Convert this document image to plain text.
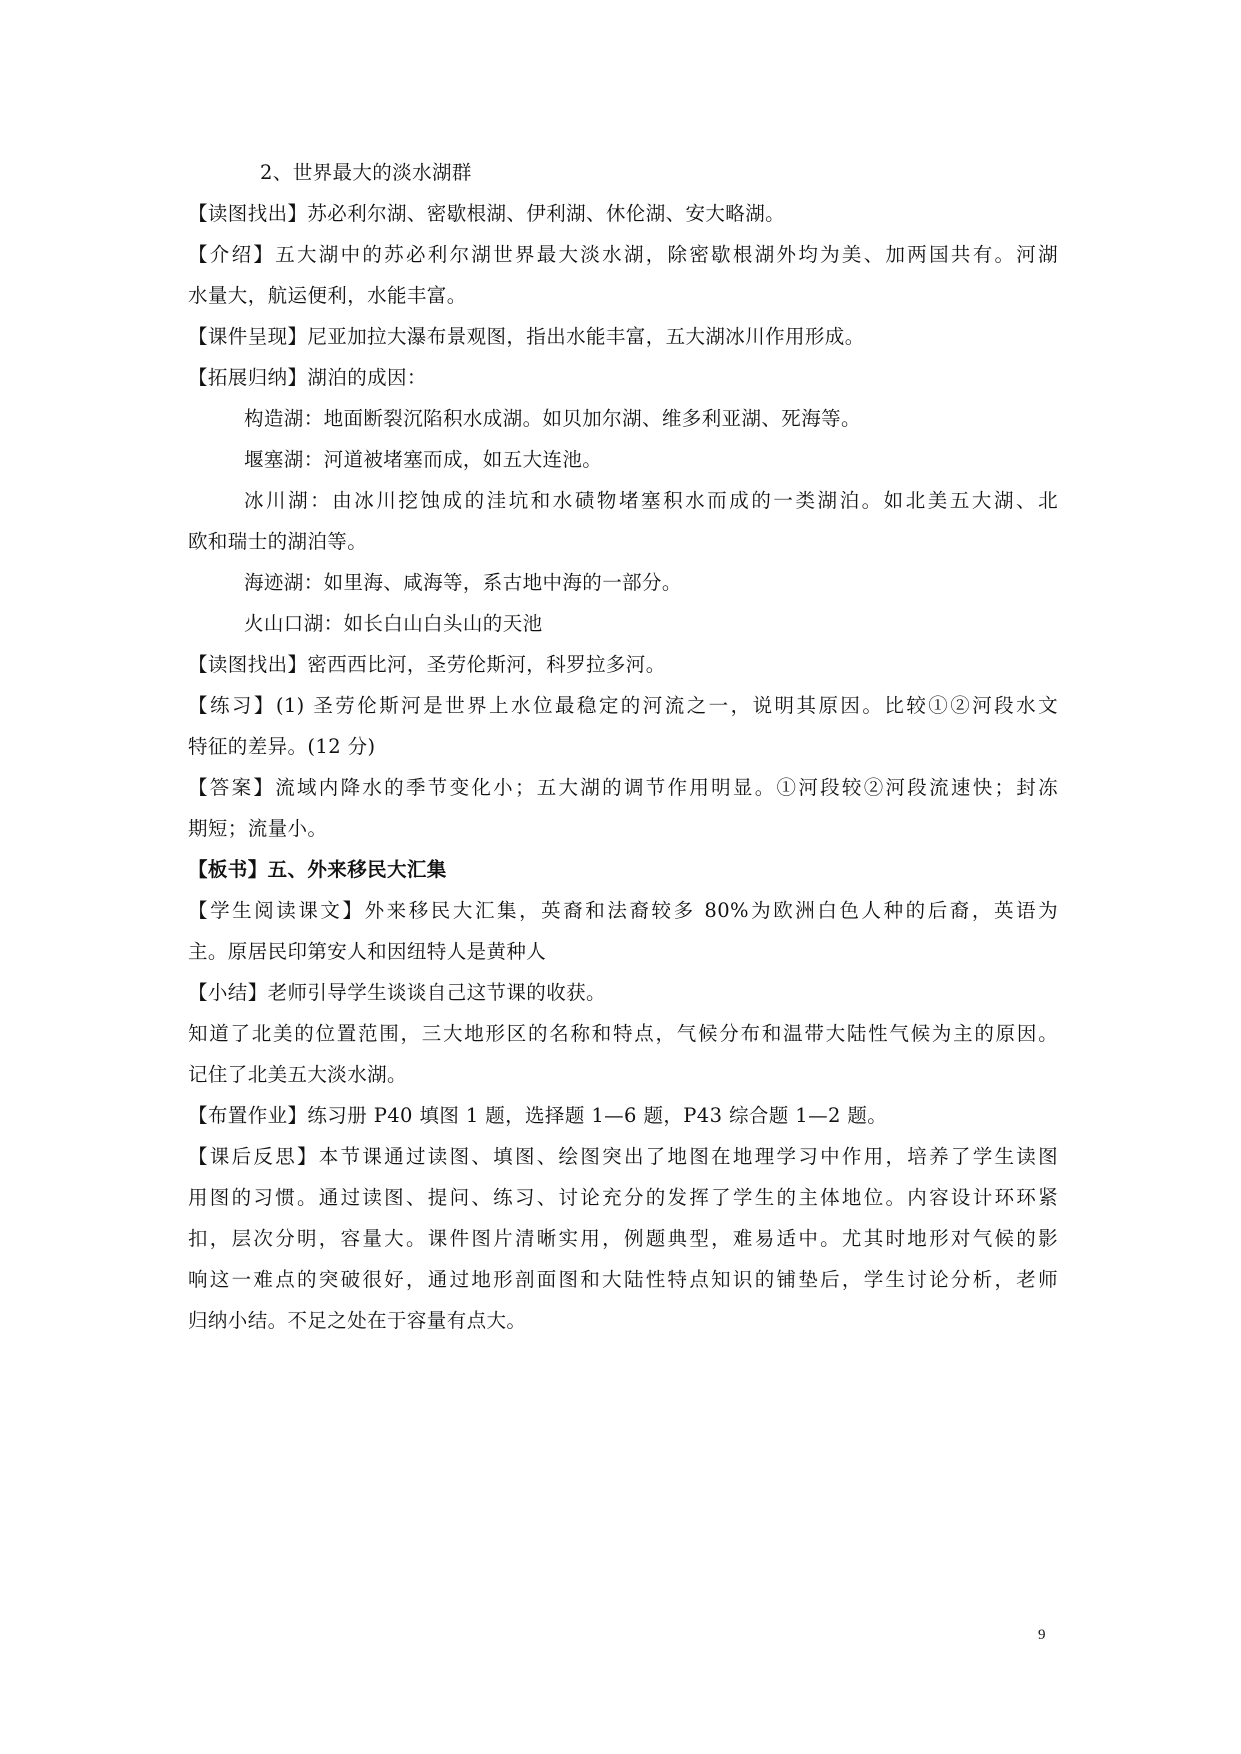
2、世界最大的淡水湖群
【读图找出】苏必利尔湖、密歇根湖、伊利湖、休伦湖、安大略湖。
【介绍】五大湖中的苏必利尔湖世界最大淡水湖，除密歇根湖外均为美、加两国共有。河湖
水量大，航运便利，水能丰富。
【课件呈现】尼亚加拉大瀑布景观图，指出水能丰富，五大湖冰川作用形成。
【拓展归纳】湖泊的成因：
构造湖：地面断裂沉陷积水成湖。如贝加尔湖、维多利亚湖、死海等。
堰塞湖：河道被堵塞而成，如五大连池。
冰川湖：由冰川挖蚀成的洼坑和水碛物堵塞积水而成的一类湖泊。如北美五大湖、北
欧和瑞士的湖泊等。
海迹湖：如里海、咸海等，系古地中海的一部分。
火山口湖：如长白山白头山的天池
【读图找出】密西西比河，圣劳伦斯河，科罗拉多河。
【练习】(1) 圣劳伦斯河是世界上水位最稳定的河流之一，说明其原因。比较①②河段水文
特征的差异。(12 分)
【答案】流域内降水的季节变化小；五大湖的调节作用明显。①河段较②河段流速快；封冻
期短；流量小。
【板书】五、外来移民大汇集
【学生阅读课文】外来移民大汇集，英裔和法裔较多 80%为欧洲白色人种的后裔，英语为
主。原居民印第安人和因纽特人是黄种人
【小结】老师引导学生谈谈自己这节课的收获。
知道了北美的位置范围，三大地形区的名称和特点，气候分布和温带大陆性气候为主的原因。
记住了北美五大淡水湖。
【布置作业】练习册 P40 填图 1 题，选择题 1—6 题，P43 综合题 1—2 题。
【课后反思】本节课通过读图、填图、绘图突出了地图在地理学习中作用，培养了学生读图
用图的习惯。通过读图、提问、练习、讨论充分的发挥了学生的主体地位。内容设计环环紧
扣，层次分明，容量大。课件图片清晰实用，例题典型，难易适中。尤其时地形对气候的影
响这一难点的突破很好，通过地形剖面图和大陆性特点知识的铺垫后，学生讨论分析，老师
归纳小结。不足之处在于容量有点大。
9
